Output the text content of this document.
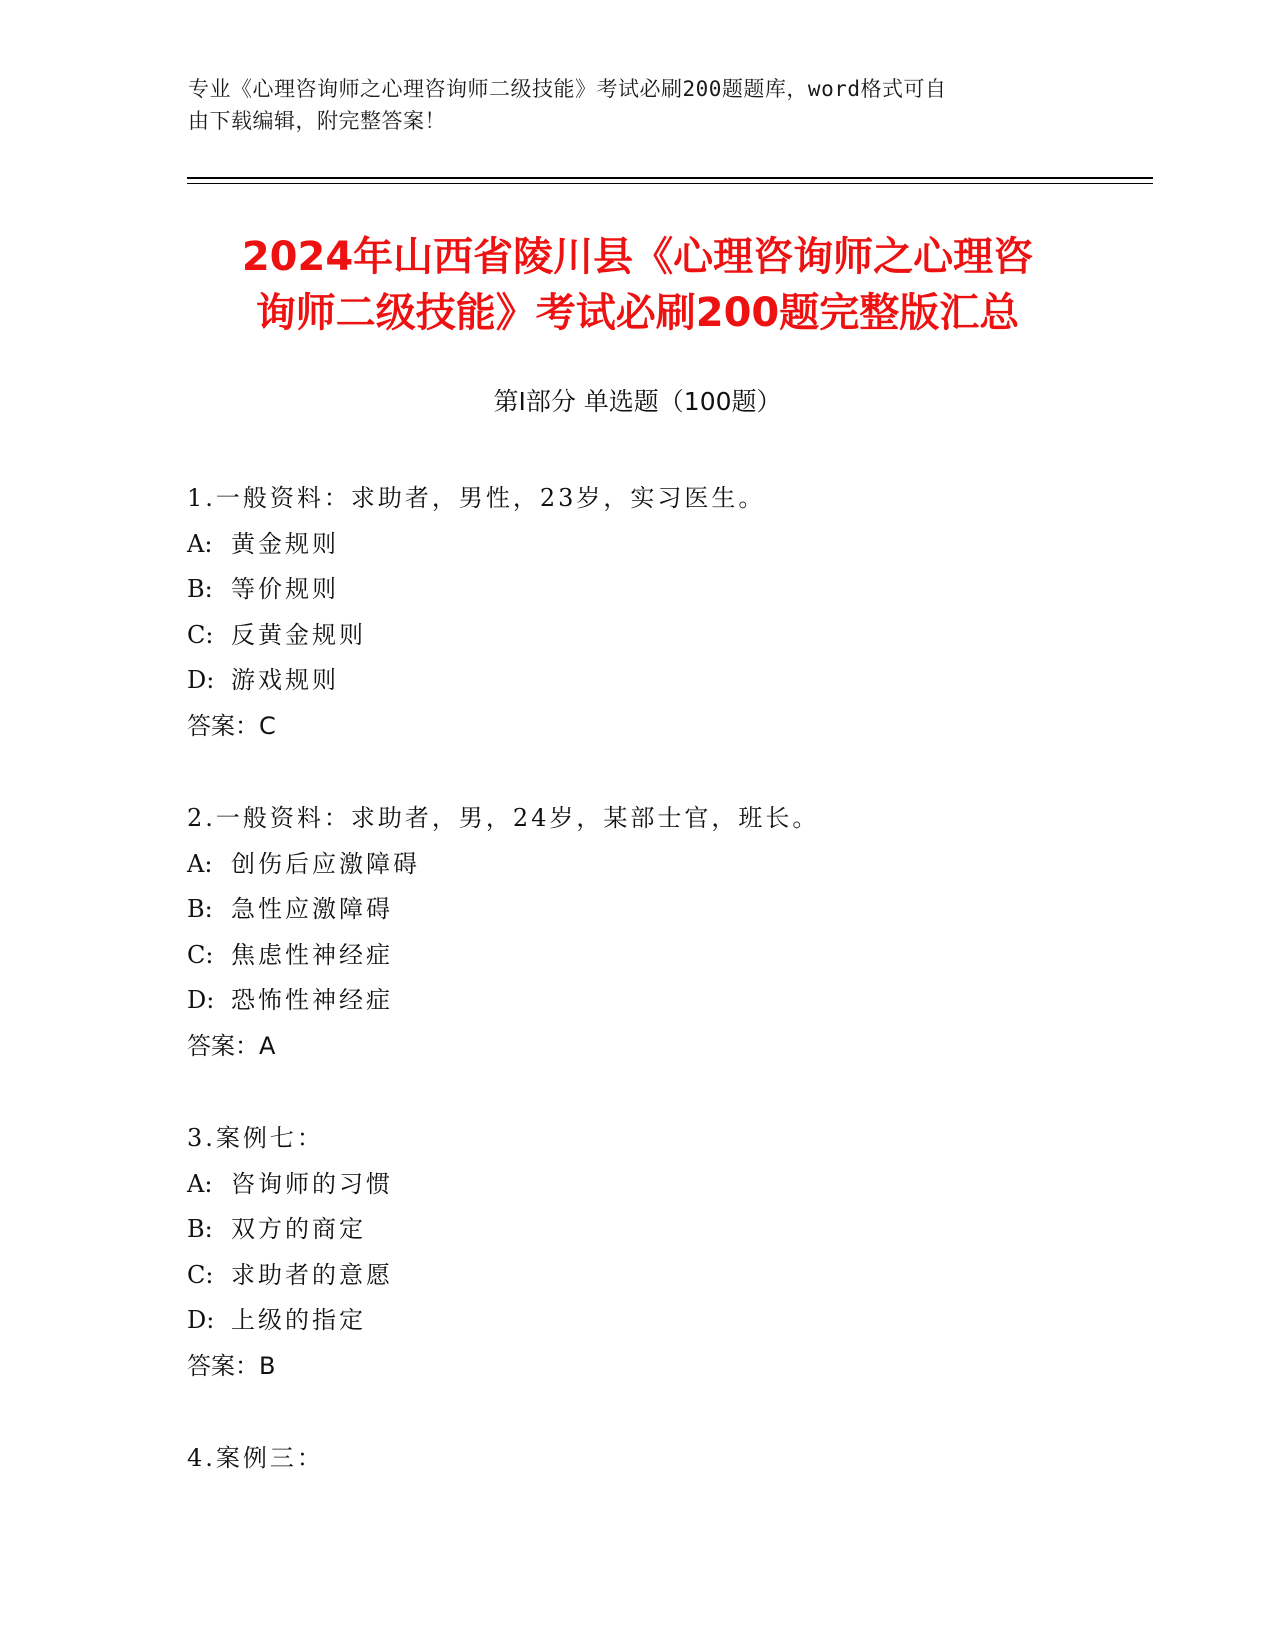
专业《心理咨询师之心理咨询师二级技能》考试必刷200题题库，word格式可自
由下载编辑，附完整答案！
2024年山西省陵川县《心理咨询师之心理咨
询师二级技能》考试必刷200题完整版汇总
第Ⅰ部分 单选题（100题）
1.一般资料：求助者，男性，23岁，实习医生。
A: 黄金规则
B: 等价规则
C: 反黄金规则
D: 游戏规则
答案：C
2.一般资料：求助者，男，24岁，某部士官，班长。
A: 创伤后应激障碍
B: 急性应激障碍
C: 焦虑性神经症
D: 恐怖性神经症
答案：A
3.案例七：
A: 咨询师的习惯
B: 双方的商定
C: 求助者的意愿
D: 上级的指定
答案：B
4.案例三：
